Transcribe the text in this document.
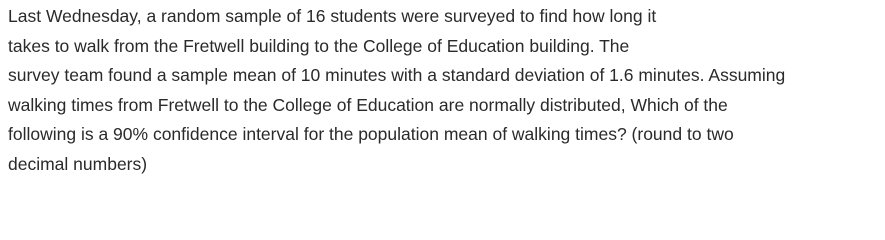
Last Wednesday, a random sample of 16 students were surveyed to find how long it
takes to walk from the Fretwell building to the College of Education building. The
survey team found a sample mean of 10 minutes with a standard deviation of 1.6 minutes. Assuming
walking times from Fretwell to the College of Education are normally distributed, Which of the
following is a 90% confidence interval for the population mean of walking times? (round to two
decimal numbers)
